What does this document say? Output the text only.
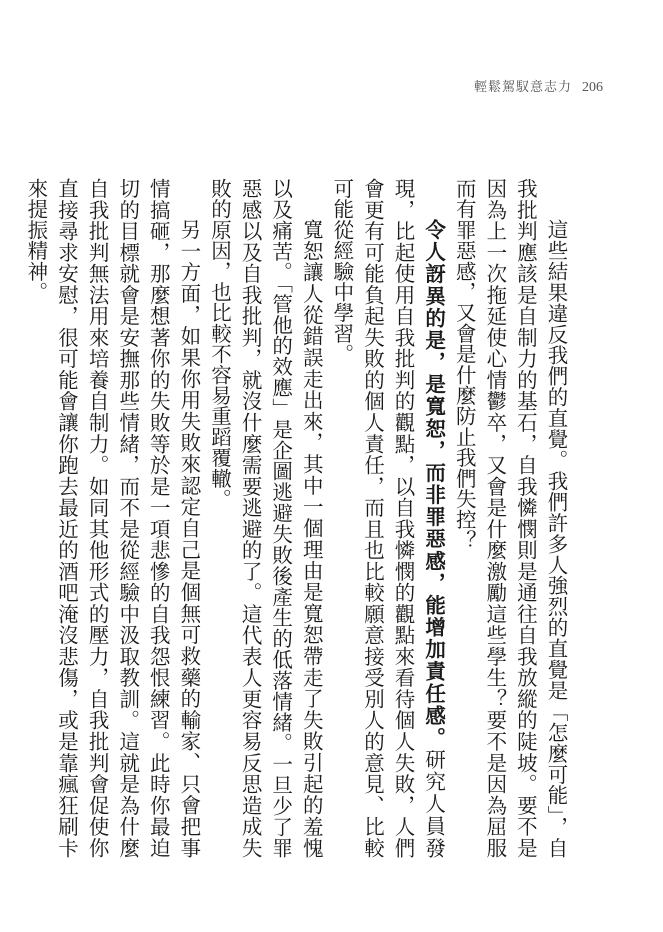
輕鬆駕馭意志力 206

這些結果違反我們的直覺。我們許多人強烈的直覺是「怎麼可能」，自我批判應該是自制力的基石，自我憐憫則是通往自我放縱的陡坡。要不是因為上一次拖延使心情鬱卒，又會是什麼激勵這些學生？要不是因為屈服而有罪惡感，又會是什麼防止我們失控？

令人訝異的是，是寬恕，而非罪惡感，能增加責任感。研究人員發現，比起使用自我批判的觀點，以自我憐憫的觀點來看待個人失敗，人們會更有可能負起失敗的個人責任，而且也比較願意接受別人的意見、比較可能從經驗中學習。

寬恕讓人從錯誤走出來，其中一個理由是寬恕帶走了失敗引起的羞愧以及痛苦。「管他的效應」是企圖逃避失敗後產生的低落情緒。一旦少了罪惡感以及自我批判，就沒什麼需要逃避的了。這代表人更容易反思造成失敗的原因，也比較不容易重蹈覆轍。

另一方面，如果你用失敗來認定自己是個無可救藥的輸家、只會把事情搞砸，那麼想著你的失敗等於是一項悲慘的自我怨恨練習。此時你最迫切的目標就會是安撫那些情緒，而不是從經驗中汲取教訓。這就是為什麼自我批判無法用來培養自制力。如同其他形式的壓力，自我批判會促使你直接尋求安慰，很可能會讓你跑去最近的酒吧淹沒悲傷，或是靠瘋狂刷卡來提振精神。
